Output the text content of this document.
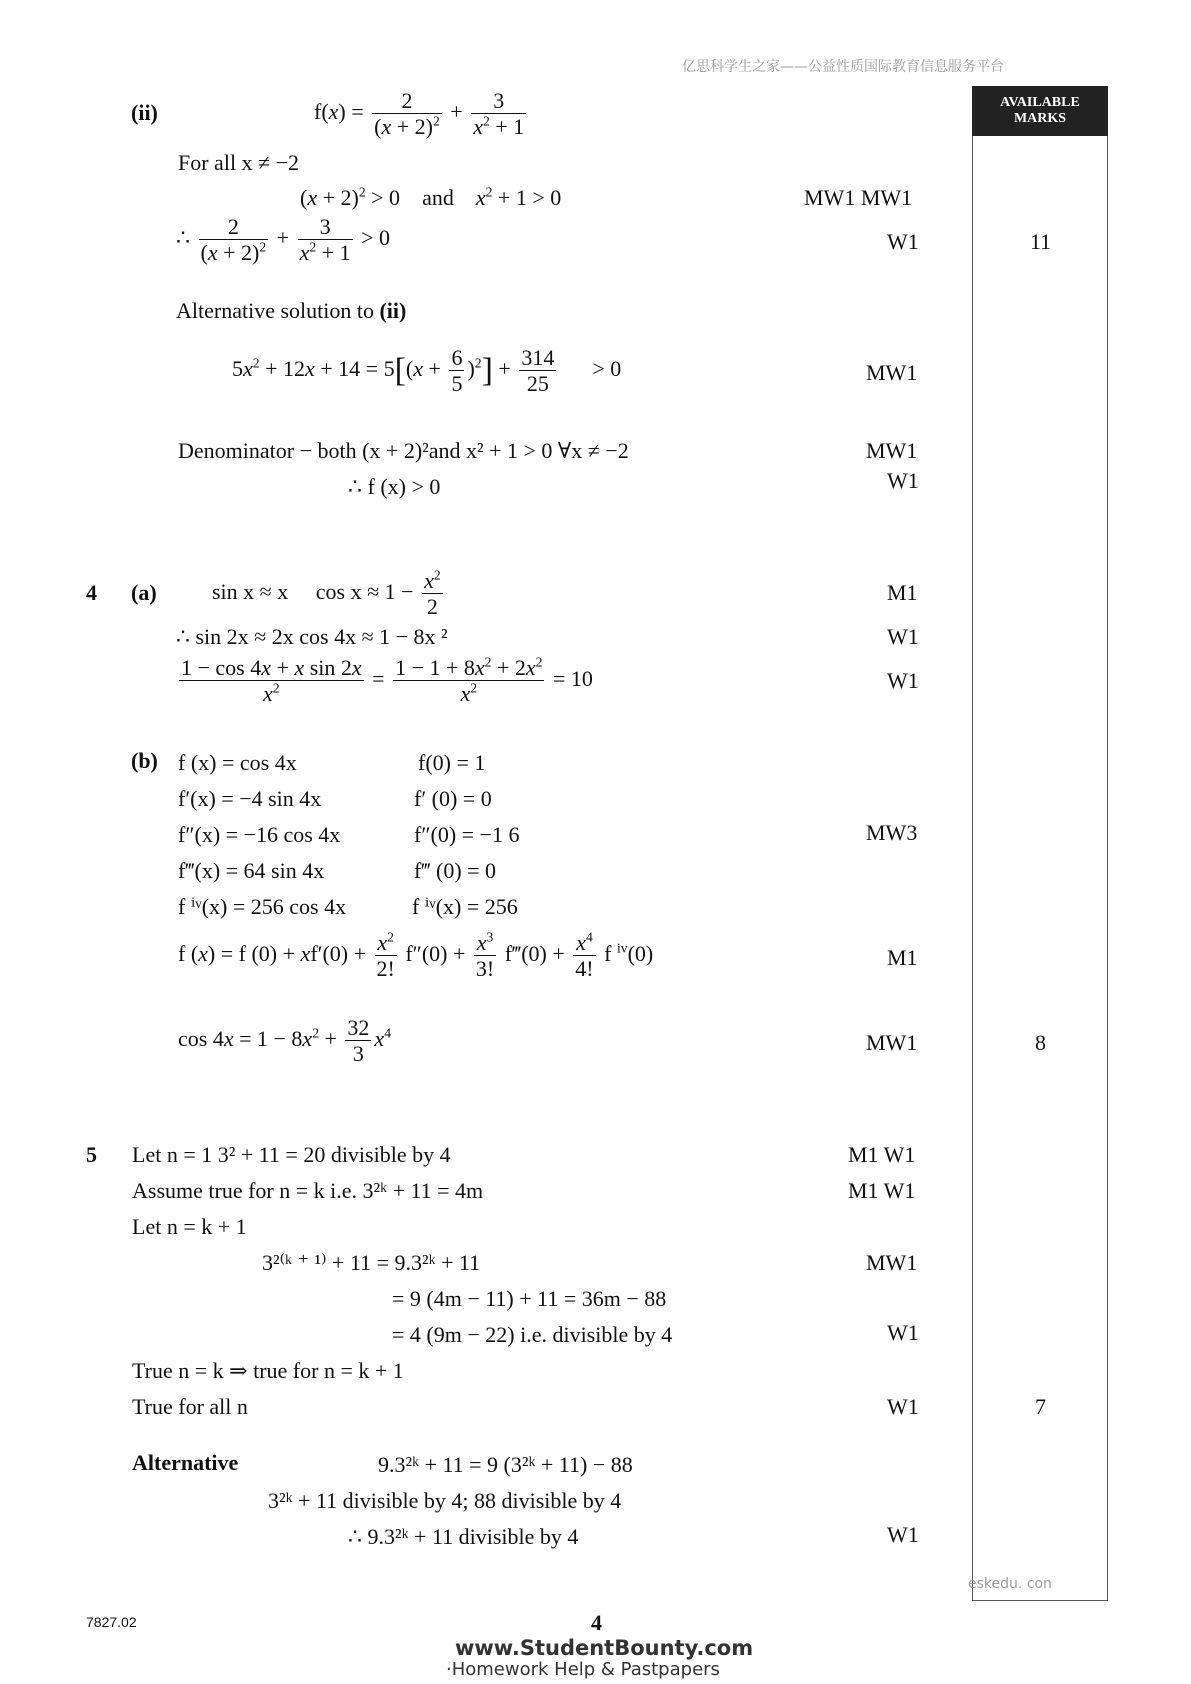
亿思科学生之家——公益性质国际教育信息服务平台
AVAILABLE
MARKS
(ii)	$f(x) = \frac{2}{(x + 2)^2} + \frac{3}{x^2 + 1}$
For all x ≠ −2
$(x + 2)^2 > 0$    and $x^2 + 1 > 0$	MW1 MW1
∴ $\frac{2}{(x + 2)^2} + \frac{3}{x^2 + 1} > 0$	W1	11
Alternative solution to (ii)
$5x^2 + 12x + 14 = 5[(x + \frac{6}{5} )^2] + \frac{314}{25} > 0$	MW1
Denominator − both (x + 2)²and x² + 1 > 0 ∀x ≠ −2	MW1
∴ f (x) > 0	W1
4 (a)	sin x ≈ x $\cos x \approx 1 - \frac{x^2}{2}$	M1
∴ sin 2x ≈ 2x cos 4x ≈ 1 − 8x ²	W1
$\frac{\text{1 − cos 4x + x sin 2x}}{x^2} = \frac{1 - 1 + 8x^2 + 2x^2}{x^2} = 10$	W1
(b) f (x) = cos 4x	f(0) = 1
f′(x) = −4 sin 4x	f′ (0) = 0
f″(x) = −16 cos 4x	f″(0) = −1 6	MW3
f‴(x) = 64 sin 4x	f‴ (0) = 0
f ⁱᵛ(x) = 256 cos 4x	f ⁱᵛ(x) = 256
f (x) = f $(0) + xf'(0) + \frac{x^2}{2!} f''(0) + \frac{x^3}{3!}$ f‴(0) + $\frac{x^4}{4!}$ f $^{iv}$(0)	M1
$\cos 4x = 1 - 8x^2 + \frac{32}{3} x^4$	MW1	8
5 Let n = 1 3² + 11 = 20 divisible by 4	M1 W1
Assume true for n = k i.e. 3²ᵏ + 11 = 4m	M1 W1
Let n = k + 1
3²⁽ᵏ ⁺ ¹⁾ + 11 = 9.3²ᵏ + 11	MW1
= 9 (4m − 11) + 11 = 36m − 88
= 4 (9m − 22) i.e. divisible by 4	W1
True n = k ⇒ true for n = k + 1
True for all n	W1	7
Alternative	9.3²ᵏ + 11 = 9 (3²ᵏ + 11) − 88
3²ᵏ + 11 divisible by 4; 88 divisible by 4
∴ 9.3²ᵏ + 11 divisible by 4	W1
eskedu. con
7827.02	4
www.StudentBounty.com
·Homework Help & Pastpapers
